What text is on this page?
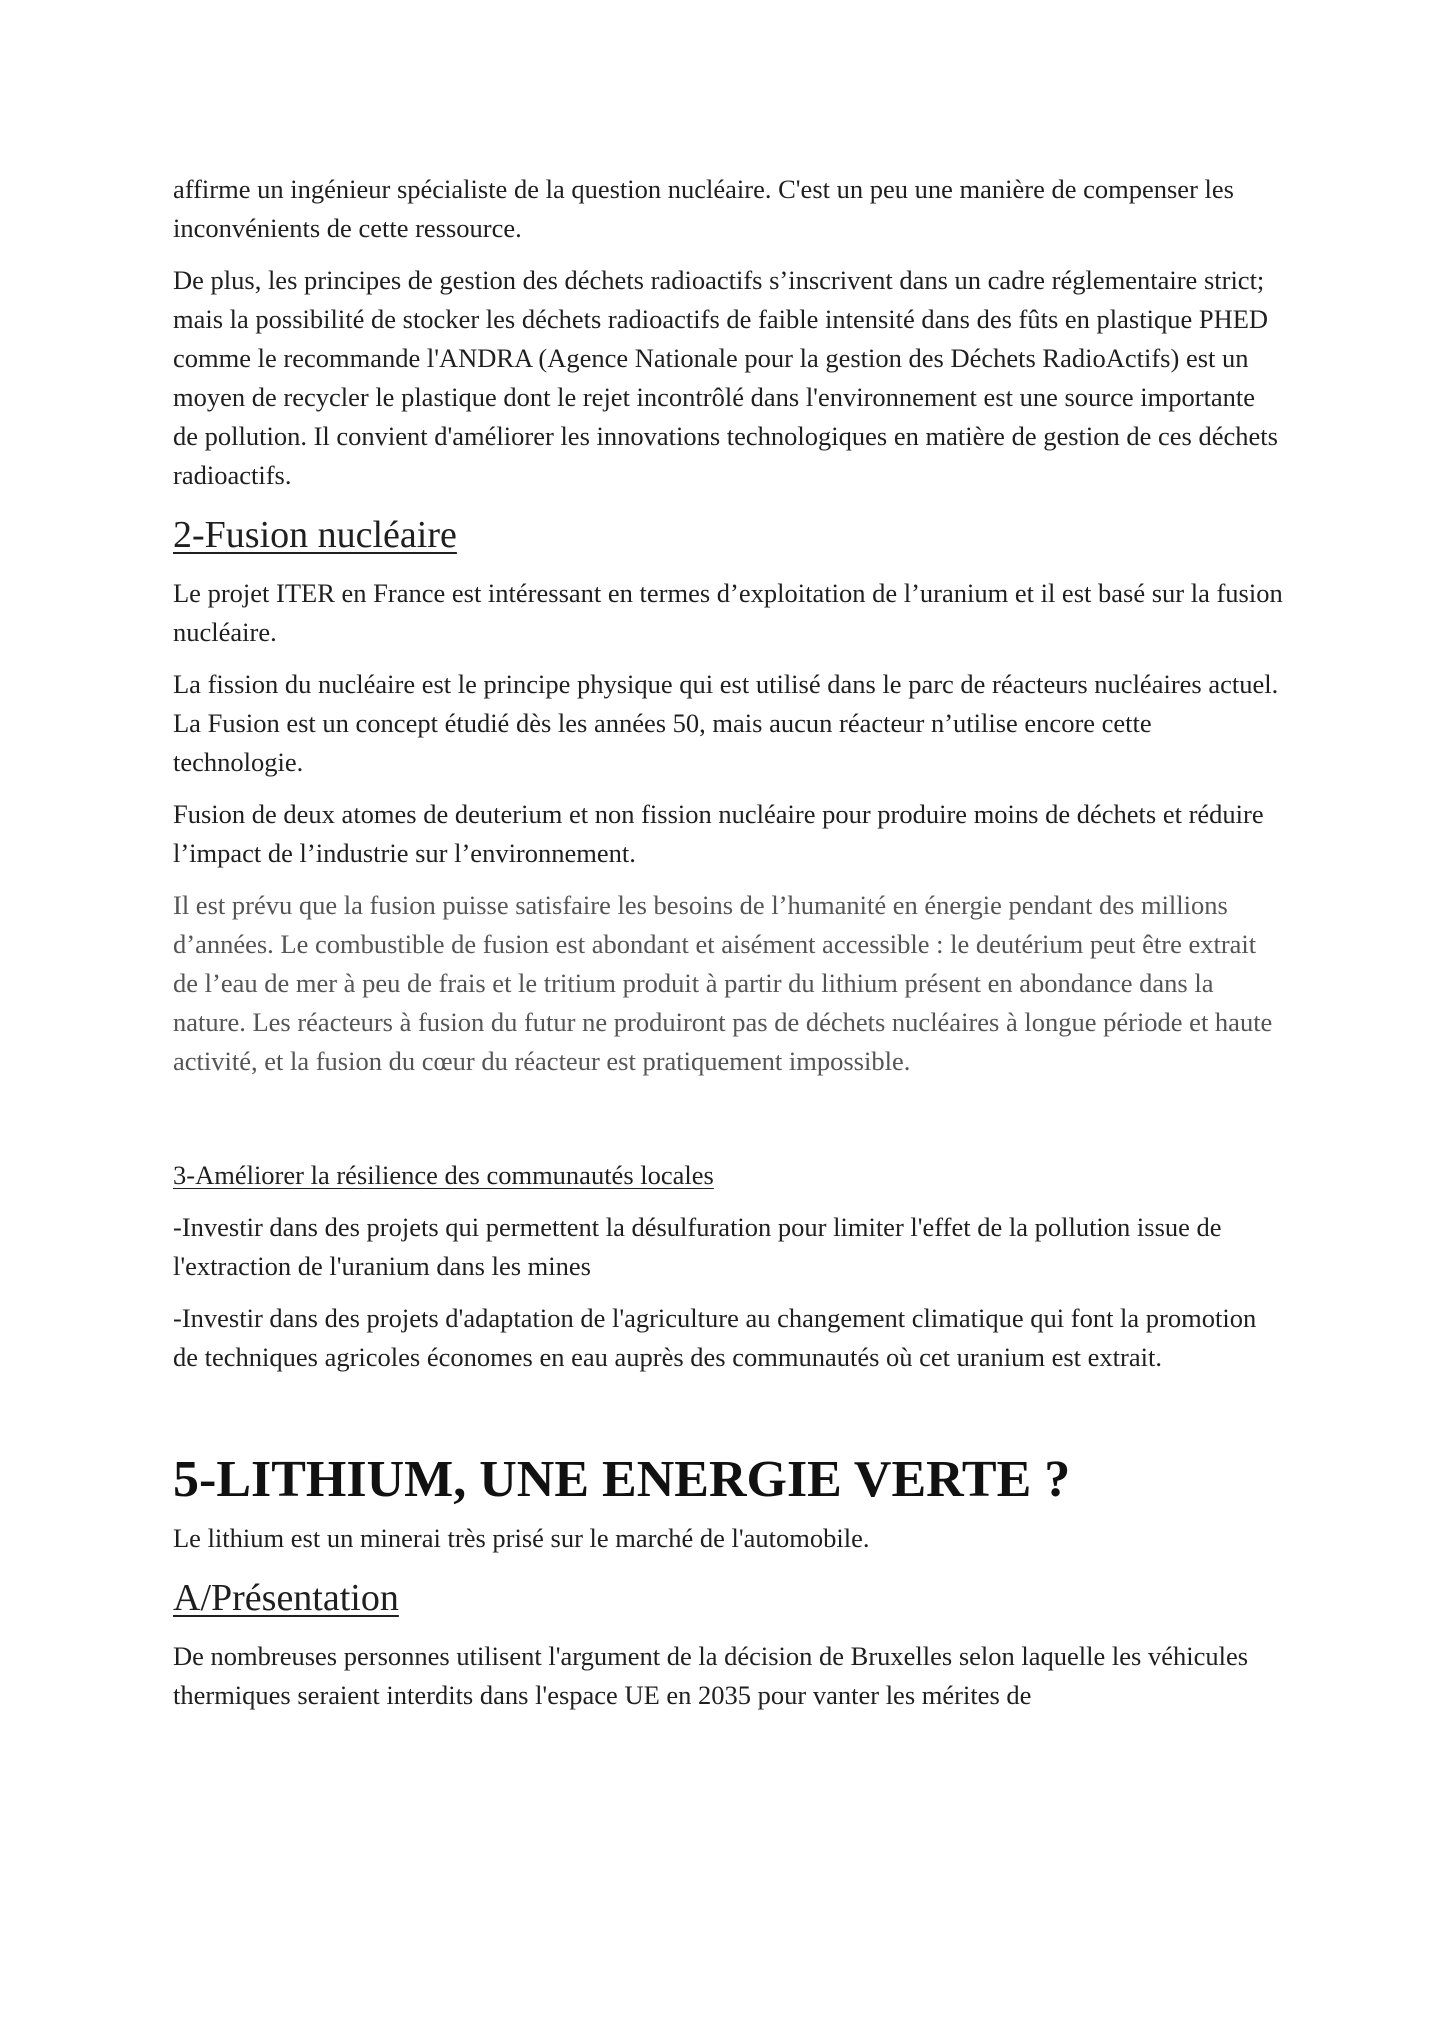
affirme un ingénieur spécialiste de la question nucléaire. C'est un peu une manière de compenser les inconvénients de cette ressource.

De plus, les principes de gestion des déchets radioactifs s’inscrivent dans un cadre réglementaire strict; mais la possibilité de stocker les déchets radioactifs de faible intensité dans des fûts en plastique PHED comme le recommande l'ANDRA (Agence Nationale pour la gestion des Déchets RadioActifs) est un moyen de recycler le plastique dont le rejet incontrôlé dans l'environnement est une source importante de pollution. Il convient d'améliorer les innovations technologiques en matière de gestion de ces déchets radioactifs.

2-Fusion nucléaire

Le projet ITER en France est intéressant en termes d’exploitation de l’uranium et il est basé sur la fusion nucléaire.

La fission du nucléaire est le principe physique qui est utilisé dans le parc de réacteurs nucléaires actuel. La Fusion est un concept étudié dès les années 50, mais aucun réacteur n’utilise encore cette technologie.

Fusion de deux atomes de deuterium et non fission nucléaire pour produire moins de déchets et réduire l’impact de l’industrie sur l’environnement.

Il est prévu que la fusion puisse satisfaire les besoins de l’humanité en énergie pendant des millions d’années. Le combustible de fusion est abondant et aisément accessible : le deutérium peut être extrait de l’eau de mer à peu de frais et le tritium produit à partir du lithium présent en abondance dans la nature. Les réacteurs à fusion du futur ne produiront pas de déchets nucléaires à longue période et haute activité, et la fusion du cœur du réacteur est pratiquement impossible.

3-Améliorer la résilience des communautés locales

-Investir dans des projets qui permettent la désulfuration pour limiter l'effet de la pollution issue de l'extraction de l'uranium dans les mines

-Investir dans des projets d'adaptation de l'agriculture au changement climatique qui font la promotion de techniques agricoles économes en eau auprès des communautés où cet uranium est extrait.

5-LITHIUM, UNE ENERGIE VERTE ?

Le lithium est un minerai très prisé sur le marché de l'automobile.

A/Présentation

De nombreuses personnes utilisent l'argument de la décision de Bruxelles selon laquelle les véhicules thermiques seraient interdits dans l'espace UE en 2035 pour vanter les mérites de
